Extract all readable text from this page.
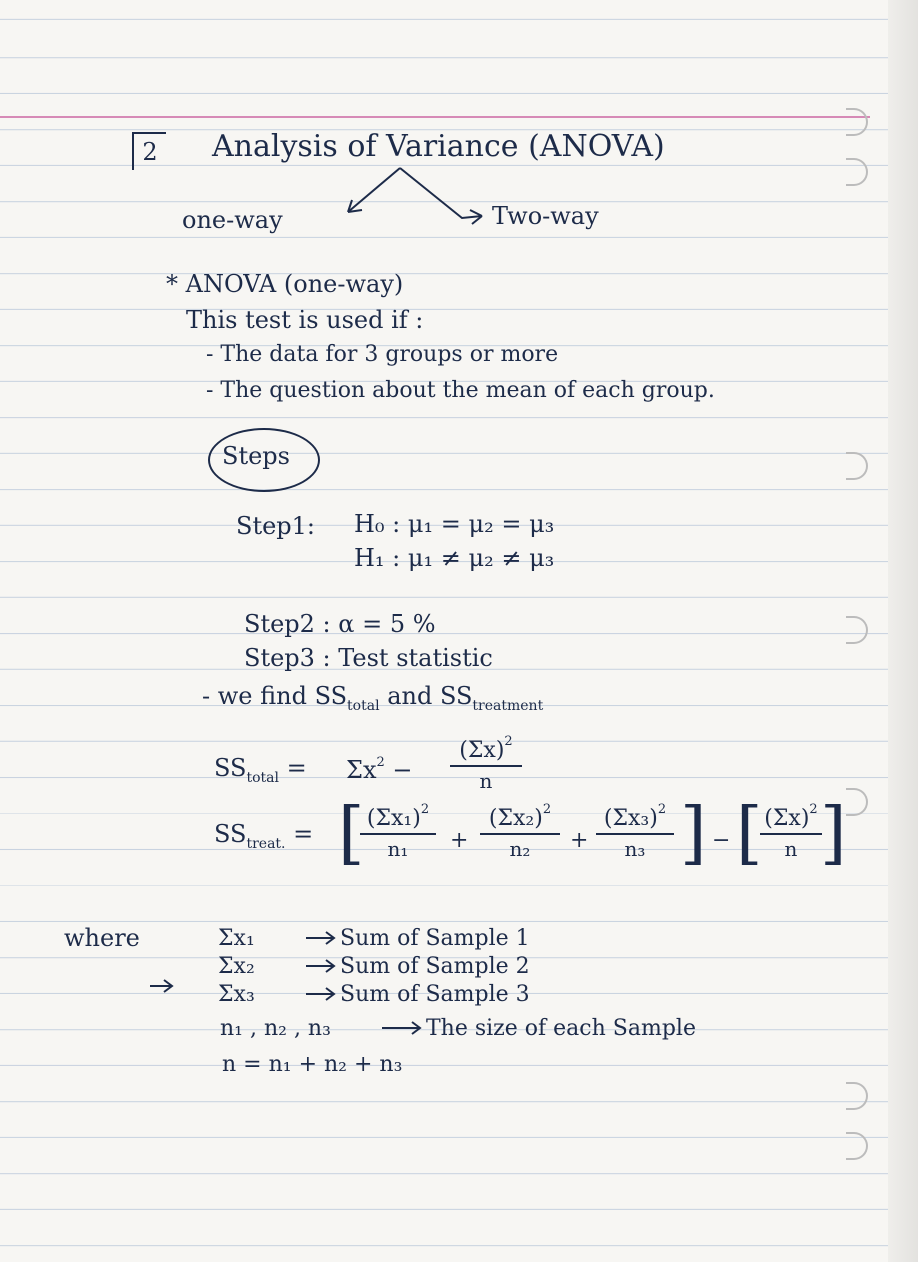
2 Analysis of Variance (ANOVA)
one-way	Two-way
* ANOVA (one-way)
This test is used if :
- The data for 3 groups or more
- The question about the mean of each group.
Steps
Step1: H₀ : μ₁ = μ₂ = μ₃
H₁ : μ₁ ≠ μ₂ ≠ μ₃
Step2 : α = 5 %
Step3 : Test statistic
- we find $SS_{total}$ and $SS_{treatment}$
$SS_{total} = \Sigma x^2$ −
$(\Sigma x)^2$
n
$SS_{treat.}$ = [ $(\Sigma x_1)^2$
n₁	+
$(\Sigma x_2)^2$
n₂	+
$(\Sigma x_3)^2$
n₃ ] − [ $(\Sigma x)^2$
n ]
where	Σx₁	Sum of Sample 1
Σx₂	Sum of Sample 2
Σx₃	Sum of Sample 3
n₁ , n₂ , n₃	The size of each Sample
n = n₁ + n₂ + n₃
